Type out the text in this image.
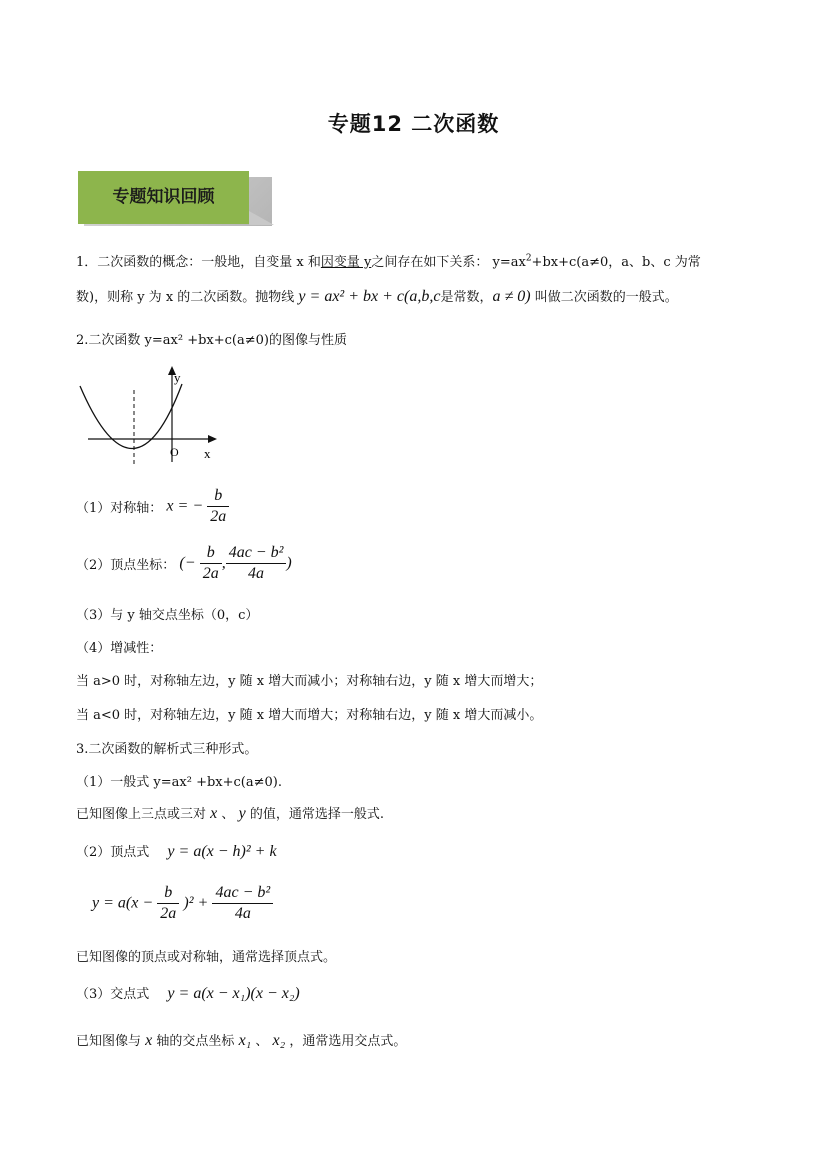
专题12 二次函数
专题知识回顾
1．二次函数的概念：一般地，自变量 x 和因变量 y之间存在如下关系： $y=ax^2+bx+c(a\ne 0$，a、b、c 为常
数)，则称 y 为 x 的二次函数。抛物线 y = ax² + bx + c(a,b,c是常数，a ≠ 0) 叫做二次函数的一般式。
2.二次函数 y=ax² +bx+c(a≠0)的图像与性质
y
x
O
（1）对称轴： x = − $\frac{b}{2a}$
（2）顶点坐标： (− $\frac{b}{2a}$ , $\frac{\text{4ac − b²}}{4a}$ )
（3）与 y 轴交点坐标（0，c）
（4）增减性：
当 a>0 时，对称轴左边，y 随 x 增大而减小；对称轴右边，y 随 x 增大而增大；
当 a<0 时，对称轴左边，y 随 x 增大而增大；对称轴右边，y 随 x 增大而减小。
3.二次函数的解析式三种形式。
（1）一般式 y=ax² +bx+c(a≠0).
已知图像上三点或三对 x 、 y 的值，通常选择一般式.
（2）顶点式 y = a(x − h)² + k
$y = a(x - \frac{b}{2a} )^2 + \frac{\text{4ac − b²}}{4a}$
已知图像的顶点或对称轴，通常选择顶点式。
（3）交点式 y = a(x − x₁)(x − x₂)
已知图像与 x 轴的交点坐标 x₁ 、 x₂ ，通常选用交点式。
